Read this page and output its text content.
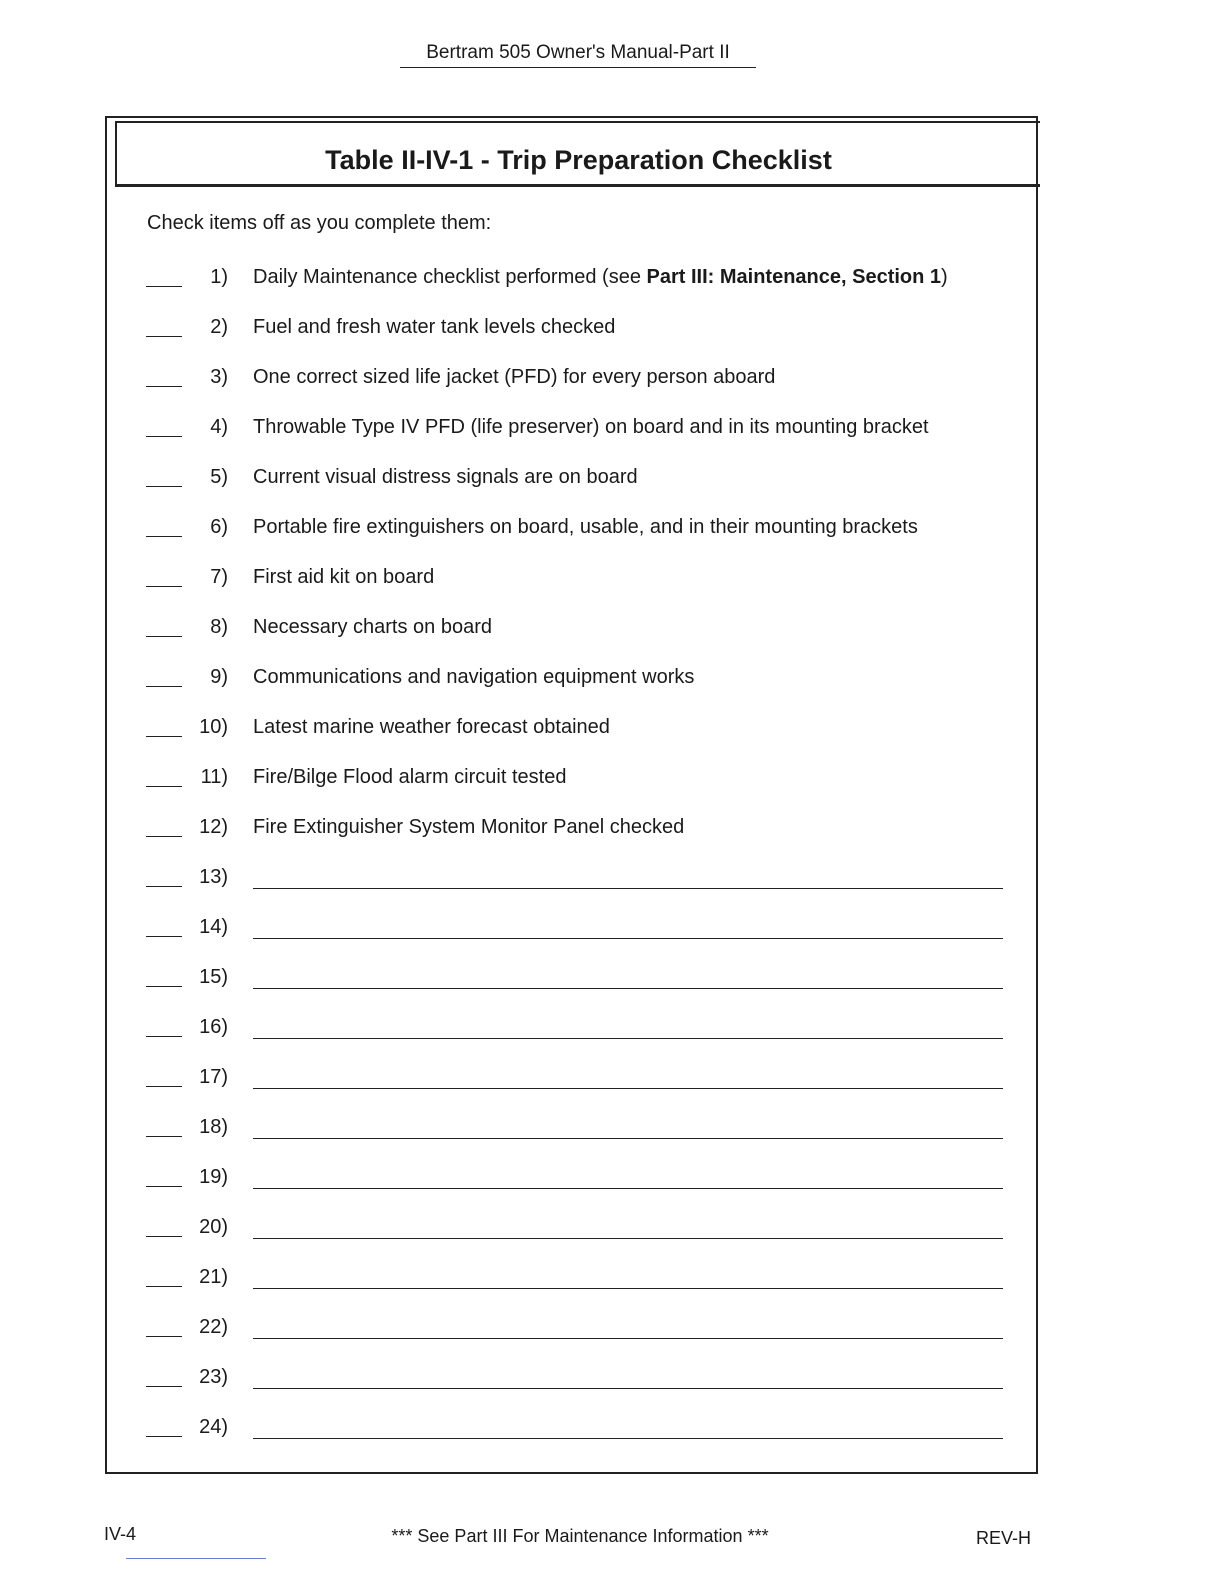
Bertram 505 Owner's Manual-Part II
Table II-IV-1 - Trip Preparation Checklist
Check items off as you complete them:
1) Daily Maintenance checklist performed (see Part III: Maintenance, Section 1)
2) Fuel and fresh water tank levels checked
3) One correct sized life jacket (PFD) for every person aboard
4) Throwable Type IV PFD (life preserver) on board and in its mounting bracket
5) Current visual distress signals are on board
6) Portable fire extinguishers on board, usable, and in their mounting brackets
7) First aid kit on board
8) Necessary charts on board
9) Communications and navigation equipment works
10) Latest marine weather forecast obtained
11) Fire/Bilge Flood alarm circuit tested
12) Fire Extinguisher System Monitor Panel checked
13)
14)
15)
16)
17)
18)
19)
20)
21)
22)
23)
24)
IV-4	*** See Part III For Maintenance Information ***	REV-H
